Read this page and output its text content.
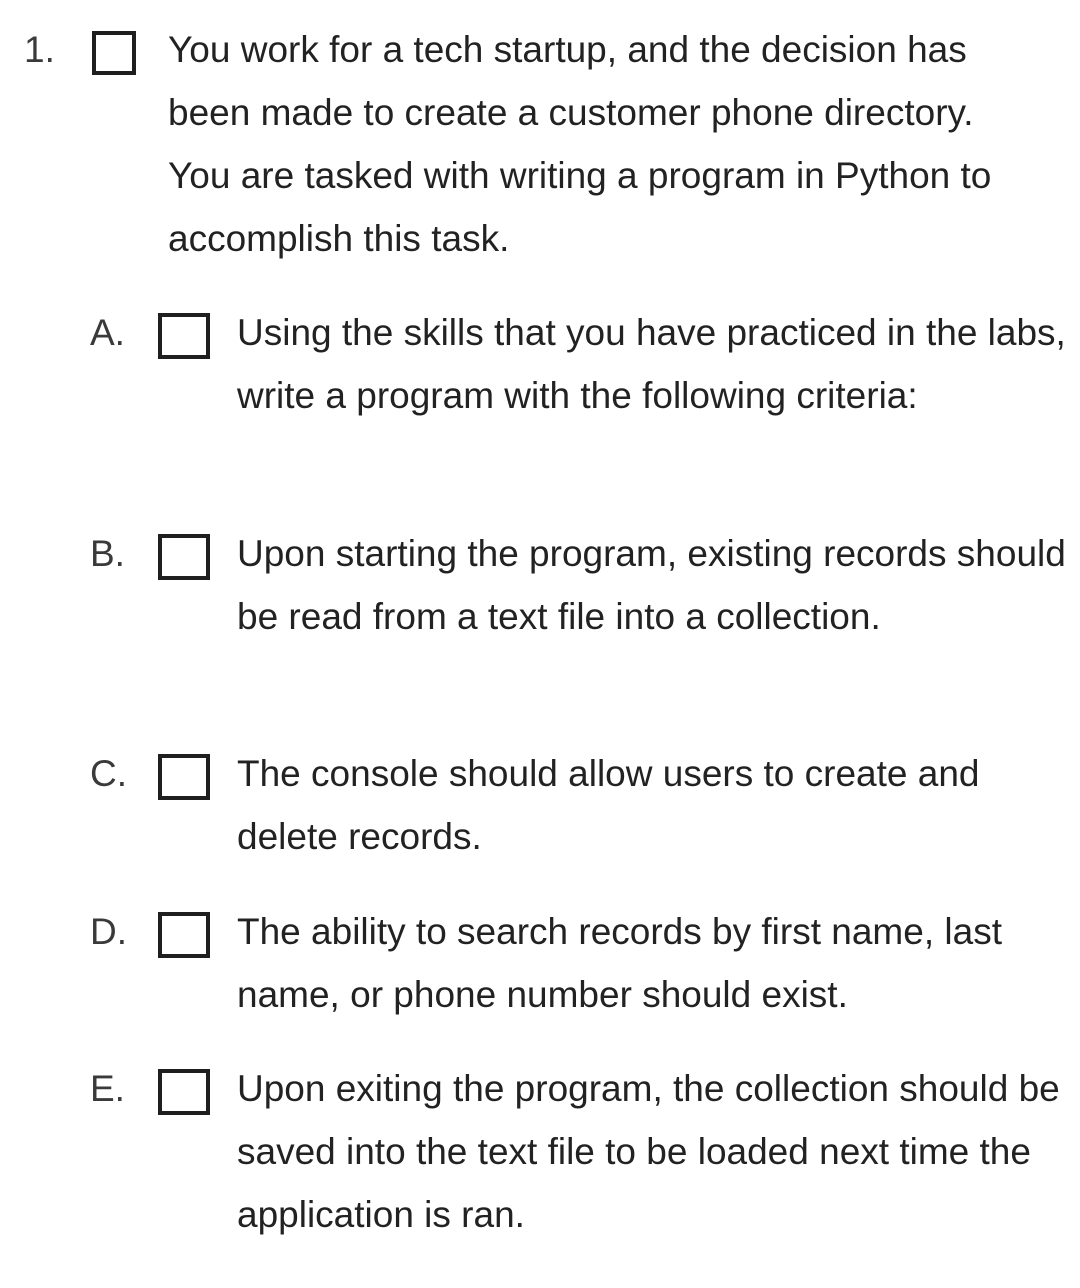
1.	You work for a tech startup, and the decision has been made to create a customer phone directory. You are tasked with writing a program in Python to accomplish this task.
A.	Using the skills that you have practiced in the labs, write a program with the following criteria:
B.	Upon starting the program, existing records should be read from a text file into a collection.
C.	The console should allow users to create and delete records.
D.	The ability to search records by first name, last name, or phone number should exist.
E.	Upon exiting the program, the collection should be saved into the text file to be loaded next time the application is ran.
